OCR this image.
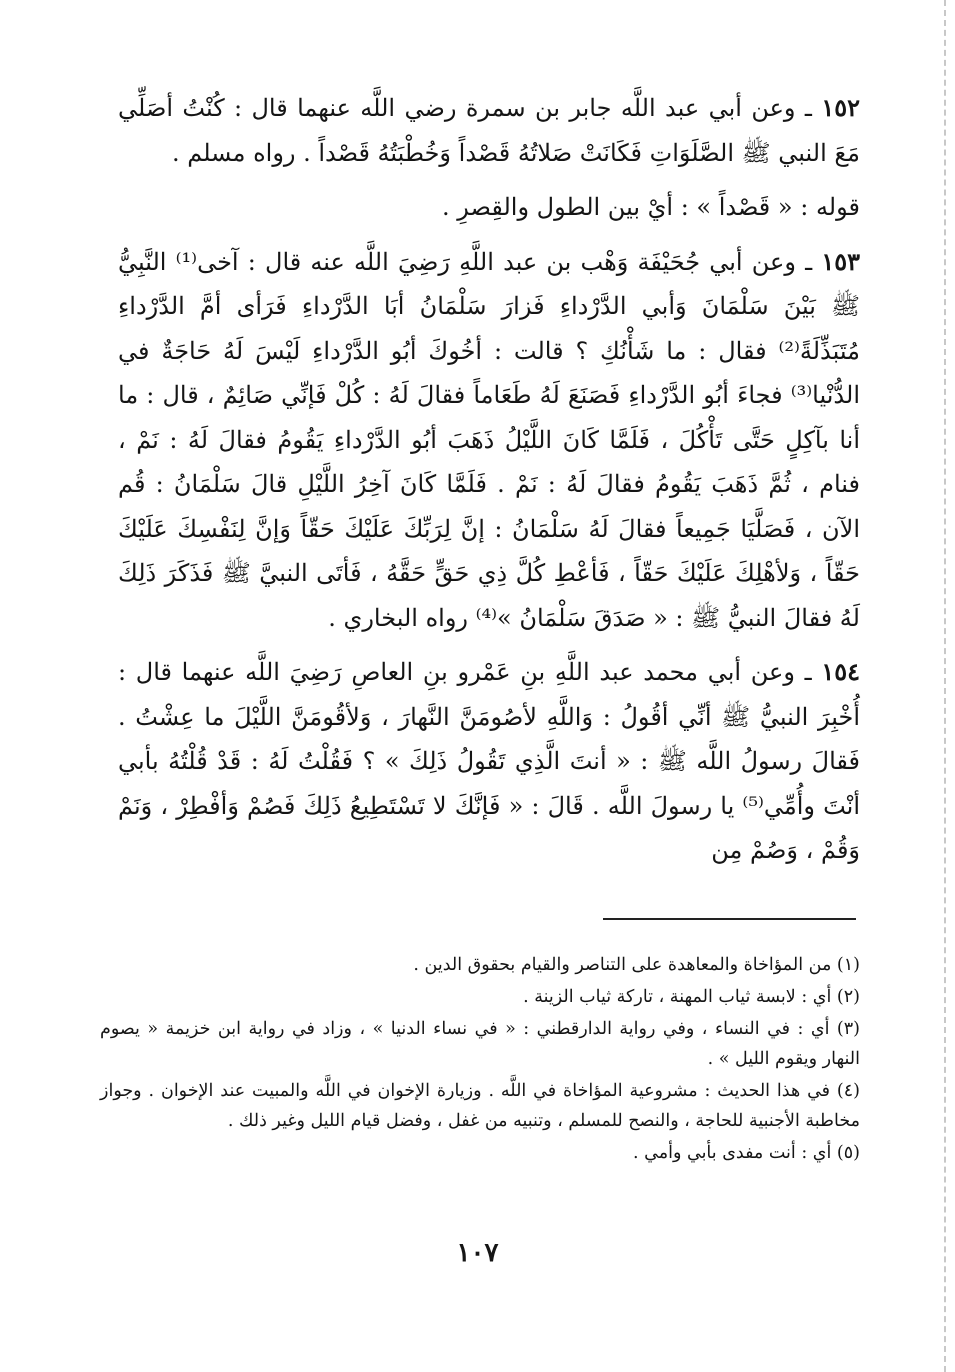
١٥٢ ـ وعن أبي عبد اللَّه جابر بن سمرة رضي اللَّه عنهما قال : كُنْتُ أصَلِّي مَعَ النبي ﷺ الصَّلَوَاتِ فَكَانَتْ صَلاتُهُ قَصْداً وَخُطْبَتُهُ قَصْداً . رواه مسلم .

قوله : « قَصْداً » : أيْ بين الطول والقِصرِ .

١٥٣ ـ وعن أبي جُحَيْفَة وَهْب بن عبد اللَّهِ رَضِيَ اللَّه عنه قال : آخى⁽¹⁾ النَّبِيُّ ﷺ بَيْنَ سَلْمَانَ وَأبي الدَّرْداءِ فَزارَ سَلْمَانُ أبَا الدَّرْداءِ فَرَأى أمَّ الدَّرْداءِ مُتَبَذِّلَةً⁽²⁾ فقال : ما شَأْنُكِ ؟ قالت : أخُوكَ أبُو الدَّرْداءِ لَيْسَ لَهُ حَاجَةٌ في الدُّنْيا⁽³⁾ فجاءَ أبُو الدَّرْداءِ فَصَنَعَ لَهُ طَعَاماً فقالَ لَهُ : كُلْ فَإنِّي صَائِمٌ ، قال : ما أنا بآكِلٍ حَتَّى تَأْكُلَ ، فَلَمَّا كَانَ اللَّيْلُ ذَهَبَ أبُو الدَّرْداءِ يَقُومُ فقالَ لَهُ : نَمْ ، فنام ، ثُمَّ ذَهَبَ يَقُومُ فقالَ لَهُ : نَمْ . فَلَمَّا كَانَ آخِرُ اللَّيْلِ قالَ سَلْمَانُ : قُم الآن ، فَصَلَّيَا جَمِيعاً فقالَ لَهُ سَلْمَانُ : إنَّ لِرَبِّكَ عَلَيْكَ حَقّاً وَإنَّ لِنَفْسِكَ عَلَيْكَ حَقّاً ، وَلأهْلِكَ عَلَيْكَ حَقّاً ، فَأعْطِ كُلَّ ذِي حَقٍّ حَقَّهُ ، فَأتَى النبيَّ ﷺ فَذَكَرَ ذَلِكَ لَهُ فقالَ النبيُّ ﷺ : « صَدَقَ سَلْمَانُ »⁽⁴⁾ رواه البخاري .

١٥٤ ـ وعن أبي محمد عبد اللَّهِ بنِ عَمْرو بنِ العاصِ رَضِيَ اللَّه عنهما قال : أُخْبِرَ النبيُّ ﷺ أنِّي أقُولُ : وَاللَّهِ لأصُومَنَّ النَّهارَ ، وَلأقُومَنَّ اللَّيْلَ ما عِشْتُ . فَقالَ رسولُ اللَّه ﷺ : « أنتَ الَّذِي تَقُولُ ذَلِكَ » ؟ فَقُلْتُ لَهُ : قَدْ قُلْتُهُ بأبي أنْتَ وأُمِّي⁽⁵⁾ يا رسولَ اللَّه . قَالَ : « فَإنَّكَ لا تَسْتَطِيعُ ذَلِكَ فَصُمْ وَأفْطِرْ ، وَنَمْ وَقُمْ ، وَصُمْ مِن

(١) من المؤاخاة والمعاهدة على التناصر والقيام بحقوق الدين .

(٢) أي : لابسة ثياب المهنة ، تاركة ثياب الزينة .

(٣) أي : في النساء ، وفي رواية الدارقطني : « في نساء الدنيا » ، وزاد في رواية ابن خزيمة « يصوم النهار ويقوم الليل » .

(٤) في هذا الحديث : مشروعية المؤاخاة في اللَّه . وزيارة الإخوان في اللَّه والمبيت عند الإخوان . وجواز مخاطبة الأجنبية للحاجة ، والنصح للمسلم ، وتنبيه من غفل ، وفضل قيام الليل وغير ذلك .

(٥) أي : أنت مفدى بأبي وأمي .

١٠٧
